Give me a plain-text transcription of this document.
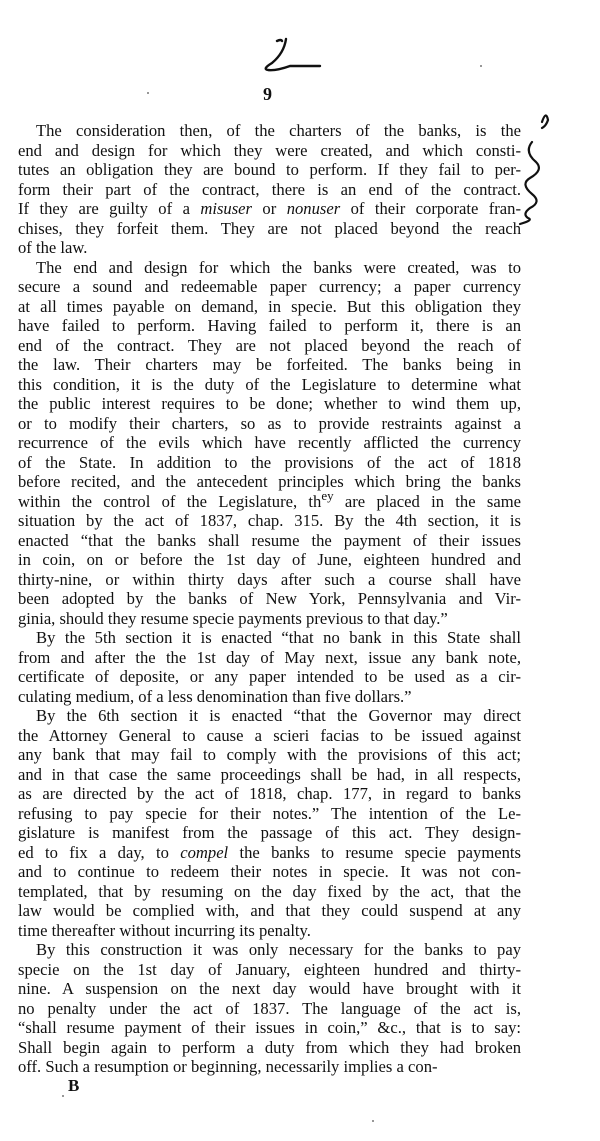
9
The consideration then, of the charters of the banks, is the
end and design for which they were created, and which consti-
tutes an obligation they are bound to perform. If they fail to per-
form their part of the contract, there is an end of the contract.
If they are guilty of a misuser or nonuser of their corporate fran-
chises, they forfeit them. They are not placed beyond the reach
of the law.
The end and design for which the banks were created, was to
secure a sound and redeemable paper currency; a paper currency
at all times payable on demand, in specie. But this obligation they
have failed to perform. Having failed to perform it, there is an
end of the contract. They are not placed beyond the reach of
the law. Their charters may be forfeited. The banks being in
this condition, it is the duty of the Legislature to determine what
the public interest requires to be done; whether to wind them up,
or to modify their charters, so as to provide restraints against a
recurrence of the evils which have recently afflicted the currency
of the State. In addition to the provisions of the act of 1818
before recited, and the antecedent principles which bring the banks
within the control of the Legislature, $th^{ey}$ are placed in the same
situation by the act of 1837, chap. 315. By the 4th section, it is
enacted “that the banks shall resume the payment of their issues
in coin, on or before the 1st day of June, eighteen hundred and
thirty-nine, or within thirty days after such a course shall have
been adopted by the banks of New York, Pennsylvania and Vir-
ginia, should they resume specie payments previous to that day.”
By the 5th section it is enacted “that no bank in this State shall
from and after the the 1st day of May next, issue any bank note,
certificate of deposite, or any paper intended to be used as a cir-
culating medium, of a less denomination than five dollars.”
By the 6th section it is enacted “that the Governor may direct
the Attorney General to cause a scieri facias to be issued against
any bank that may fail to comply with the provisions of this act;
and in that case the same proceedings shall be had, in all respects,
as are directed by the act of 1818, chap. 177, in regard to banks
refusing to pay specie for their notes.” The intention of the Le-
gislature is manifest from the passage of this act. They design-
ed to fix a day, to compel the banks to resume specie payments
and to continue to redeem their notes in specie. It was not con-
templated, that by resuming on the day fixed by the act, that the
law would be complied with, and that they could suspend at any
time thereafter without incurring its penalty.
By this construction it was only necessary for the banks to pay
specie on the 1st day of January, eighteen hundred and thirty-
nine. A suspension on the next day would have brought with it
no penalty under the act of 1837. The language of the act is,
“shall resume payment of their issues in coin,” &c., that is to say:
Shall begin again to perform a duty from which they had broken
off. Such a resumption or beginning, necessarily implies a con-
B
